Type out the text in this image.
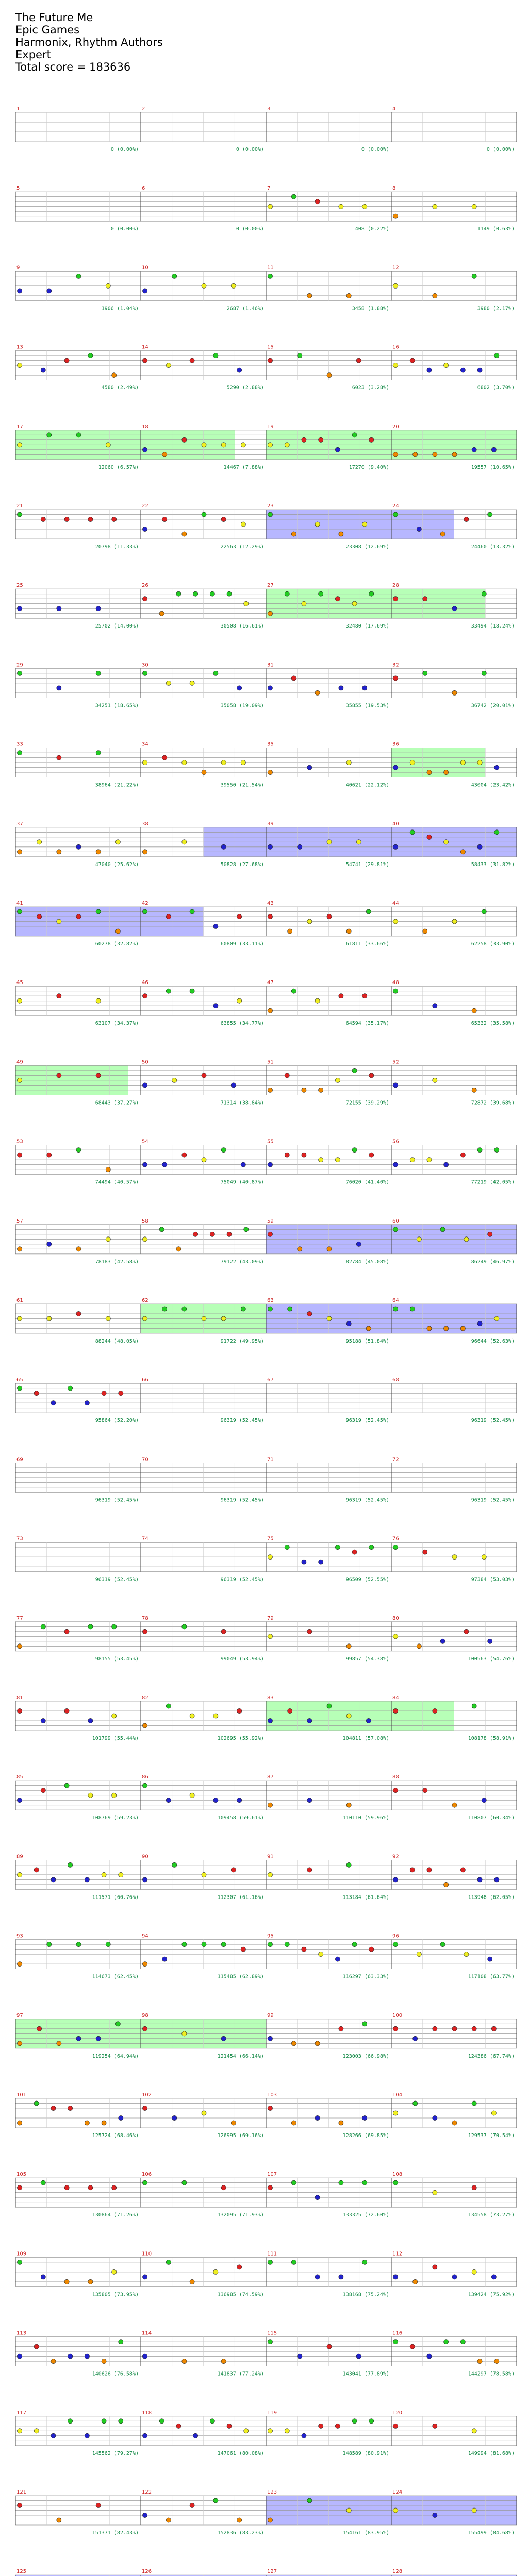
The Future Me
Epic Games
Harmonix, Rhythm Authors
Expert
Total score = 183636
1
0 (0.00%)
2
0 (0.00%)
3
0 (0.00%)
4
0 (0.00%)
5
0 (0.00%)
6
0 (0.00%)
7
408 (0.22%)
8
1149 (0.63%)
9
1906 (1.04%)
10
2687 (1.46%)
11
3458 (1.88%)
12
3980 (2.17%)
13
4580 (2.49%)
14
5290 (2.88%)
15
6023 (3.28%)
16
6802 (3.70%)
17
12060 (6.57%)
18
14467 (7.88%)
19
17270 (9.40%)
20
19557 (10.65%)
21
20798 (11.33%)
22
22563 (12.29%)
23
23308 (12.69%)
24
24460 (13.32%)
25
25702 (14.00%)
26
30508 (16.61%)
27
32480 (17.69%)
28
33494 (18.24%)
29
34251 (18.65%)
30
35058 (19.09%)
31
35855 (19.53%)
32
36742 (20.01%)
33
38964 (21.22%)
34
39550 (21.54%)
35
40621 (22.12%)
36
43004 (23.42%)
37
47040 (25.62%)
38
50828 (27.68%)
39
54741 (29.81%)
40
58433 (31.82%)
41
60278 (32.82%)
42
60809 (33.11%)
43
61811 (33.66%)
44
62258 (33.90%)
45
63107 (34.37%)
46
63855 (34.77%)
47
64594 (35.17%)
48
65332 (35.58%)
49
68443 (37.27%)
50
71314 (38.84%)
51
72155 (39.29%)
52
72872 (39.68%)
53
74494 (40.57%)
54
75049 (40.87%)
55
76020 (41.40%)
56
77219 (42.05%)
57
78183 (42.58%)
58
79122 (43.09%)
59
82784 (45.08%)
60
86249 (46.97%)
61
88244 (48.05%)
62
91722 (49.95%)
63
95188 (51.84%)
64
96644 (52.63%)
65
95864 (52.20%)
66
96319 (52.45%)
67
96319 (52.45%)
68
96319 (52.45%)
69
96319 (52.45%)
70
96319 (52.45%)
71
96319 (52.45%)
72
96319 (52.45%)
73
96319 (52.45%)
74
96319 (52.45%)
75
96509 (52.55%)
76
97384 (53.03%)
77
98155 (53.45%)
78
99049 (53.94%)
79
99857 (54.38%)
80
100563 (54.76%)
81
101799 (55.44%)
82
102695 (55.92%)
83
104811 (57.08%)
84
108178 (58.91%)
85
108769 (59.23%)
86
109458 (59.61%)
87
110110 (59.96%)
88
110807 (60.34%)
89
111571 (60.76%)
90
112307 (61.16%)
91
113184 (61.64%)
92
113948 (62.05%)
93
114673 (62.45%)
94
115485 (62.89%)
95
116297 (63.33%)
96
117108 (63.77%)
97
119254 (64.94%)
98
121454 (66.14%)
99
123003 (66.98%)
100
124386 (67.74%)
101
125724 (68.46%)
102
126995 (69.16%)
103
128266 (69.85%)
104
129537 (70.54%)
105
130864 (71.26%)
106
132095 (71.93%)
107
133325 (72.60%)
108
134558 (73.27%)
109
135805 (73.95%)
110
136985 (74.59%)
111
138168 (75.24%)
112
139424 (75.92%)
113
140626 (76.58%)
114
141837 (77.24%)
115
143041 (77.89%)
116
144297 (78.58%)
117
145562 (79.27%)
118
147061 (80.08%)
119
148589 (80.91%)
120
149994 (81.68%)
121
151371 (82.43%)
122
152836 (83.23%)
123
154161 (83.95%)
124
155499 (84.68%)
125	126	127	128
